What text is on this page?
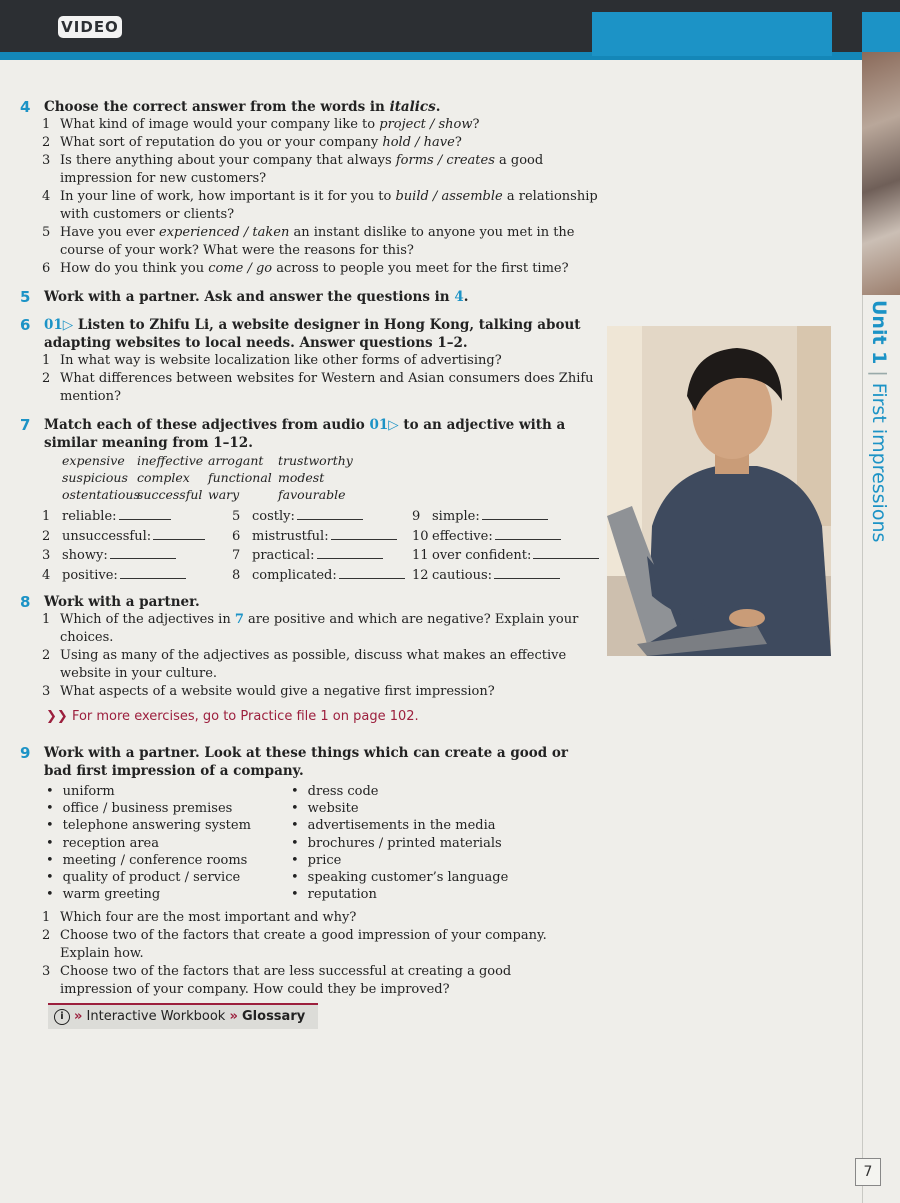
VIDEO
Unit 1|First impressions
7
4 Choose the correct answer from the words in italics.
1 What kind of image would your company like to project / show?
2 What sort of reputation do you or your company hold / have?
3 Is there anything about your company that always forms / creates a good impression for new customers?
4 In your line of work, how important is it for you to build / assemble a relationship with customers or clients?
5 Have you ever experienced / taken an instant dislike to anyone you met in the course of your work? What were the reasons for this?
6 How do you think you come / go across to people you meet for the first time?
5 Work with a partner. Ask and answer the questions in 4.
6 01▷ Listen to Zhifu Li, a website designer in Hong Kong, talking about adapting websites to local needs. Answer questions 1–2.
1 In what way is website localization like other forms of advertising?
2 What differences between websites for Western and Asian consumers does Zhifu mention?
7 Match each of these adjectives from audio 01▷ to an adjective with a similar meaning from 1–12.
expensive ineffective arrogant	trustworthy
suspicious complex	functional modest
ostentatious
successful wary	favourable
1 reliable:	5 costly:	9 simple:
2 unsuccessful:	6 mistrustful:	10 effective:
3 showy:	7 practical:	11 over confident:
4 positive:	8 complicated:	12 cautious:
8 Work with a partner.
1 Which of the adjectives in 7 are positive and which are negative? Explain your choices.
2 Using as many of the adjectives as possible, discuss what makes an effective website in your culture.
3 What aspects of a website would give a negative first impression?
❯❯ For more exercises, go to Practice file 1 on page 102.
9 Work with a partner. Look at these things which can create a good or bad first impression of a company.
• uniform	• dress code
• office / business premises	• website
• telephone answering system	• advertisements in the media
• reception area	• brochures / printed materials
• meeting / conference rooms	• price
• quality of product / service	• speaking customer’s language
• warm greeting	• reputation
1 Which four are the most important and why?
2 Choose two of the factors that create a good impression of your company. Explain how.
3 Choose two of the factors that are less successful at creating a good impression of your company. How could they be improved?
i » Interactive Workbook » Glossary
